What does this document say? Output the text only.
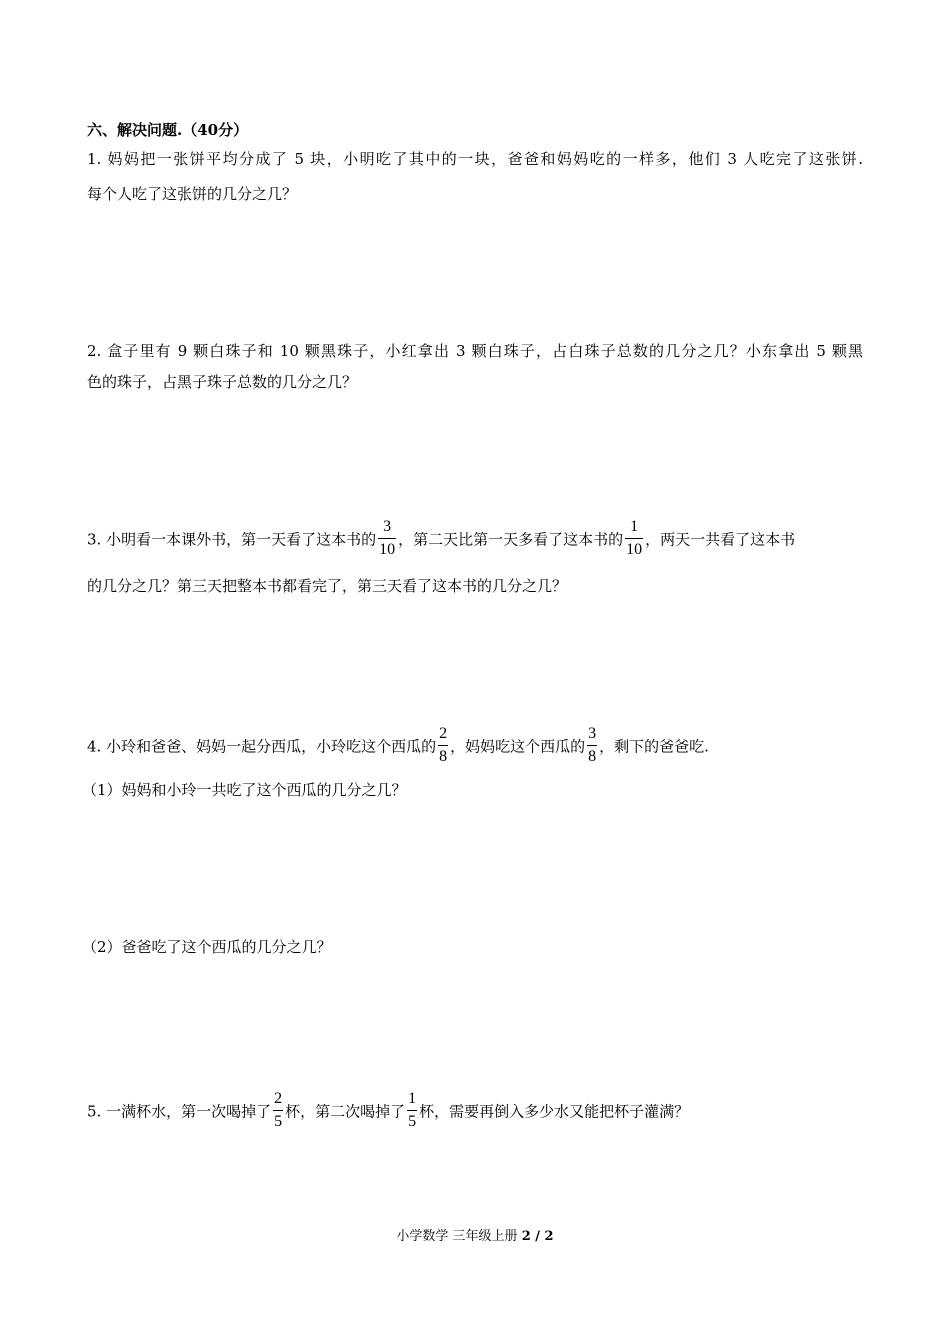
六、解决问题.（40分）
1. 妈妈把一张饼平均分成了 5 块，小明吃了其中的一块，爸爸和妈妈吃的一样多，他们 3 人吃完了这张饼.
每个人吃了这张饼的几分之几？
2. 盒子里有 9 颗白珠子和 10 颗黑珠子，小红拿出 3 颗白珠子，占白珠子总数的几分之几？小东拿出 5 颗黑
色的珠子，占黑子珠子总数的几分之几？
3. 小明看一本课外书，第一天看了这本书的 $\frac{3}{10}$ ，第二天比第一天多看了这本书的 $\frac{1}{10}$ ，两天一共看了这本书
的几分之几？第三天把整本书都看完了，第三天看了这本书的几分之几？
4. 小玲和爸爸、妈妈一起分西瓜，小玲吃这个西瓜的 $\frac{2}{8}$ ，妈妈吃这个西瓜的 $\frac{3}{8}$ ，剩下的爸爸吃.
（1）妈妈和小玲一共吃了这个西瓜的几分之几？
（2）爸爸吃了这个西瓜的几分之几？
5. 一满杯水，第一次喝掉了 $\frac{2}{5}$ 杯，第二次喝掉了 $\frac{1}{5}$ 杯，需要再倒入多少水又能把杯子灌满？
小学数学 三年级上册 2 / 2
